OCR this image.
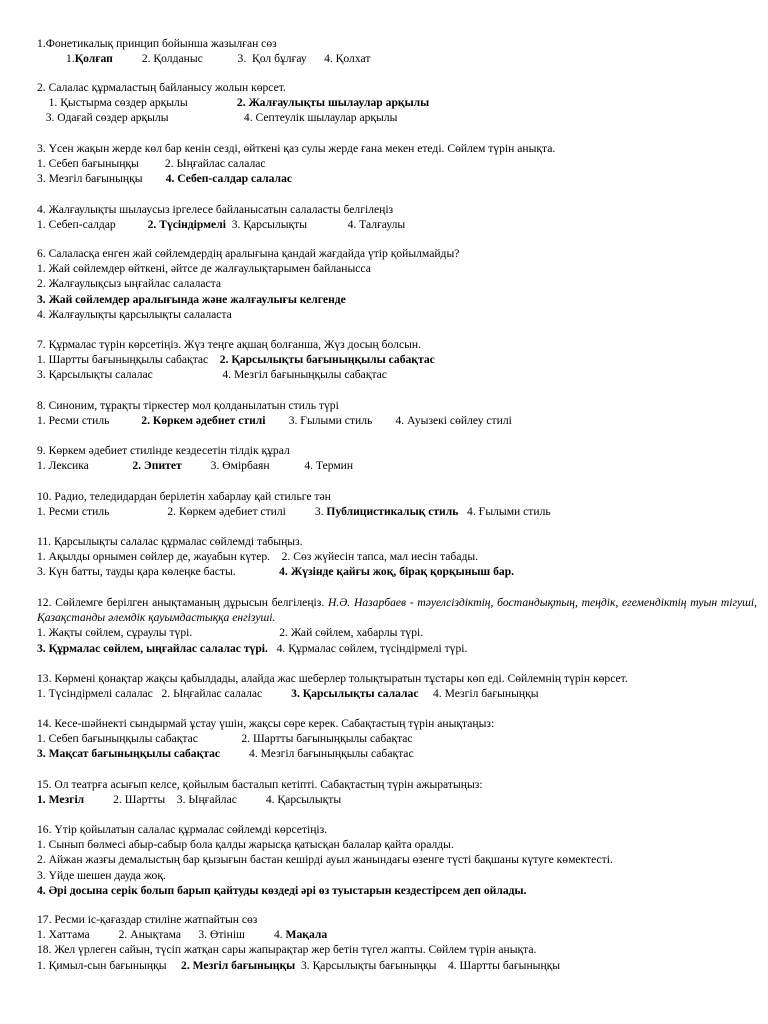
1.Фонетикалық принцип бойынша жазылған сөз

1.Қолғап          2. Қолданыс            3.  Қол бұлғау      4. Қолхат

2. Салалас құрмаластың байланысу жолын көрсет.

1. Қыстырма сөздер арқылы                 2. Жалғаулықты шылаулар арқылы

3. Одағай сөздер арқылы                          4. Септеулік шылаулар арқылы

3. Үсен жақын жерде көл бар кенін сезді, өйткені қаз сулы жерде ғана мекен етеді. Сөйлем түрін анықта.

1. Себеп бағыныңқы         2. Ыңғайлас салалас

3. Мезгіл бағыныңқы        4. Себеп-салдар салалас

4. Жалғаулықты шылаусыз іргелесе байланысатын салаласты белгілеңіз

1. Себеп-салдар           2. Түсіндірмелі  3. Қарсылықты              4. Талғаулы

6. Салаласқа енген жай сөйлемдердің аралығына қандай жағдайда үтір қойылмайды?

1. Жай сөйлемдер өйткені, әйтсе де жалғаулықтарымен байланысса

2. Жалғаулықсыз ыңғайлас салаласта

3. Жай сөйлемдер аралығында және жалғаулығы келгенде

4. Жалғаулықты қарсылықты салаласта

7. Құрмалас түрін көрсетіңіз. Жүз теңге ақшаң болғанша, Жүз досың болсын.

1. Шартты бағыныңқылы сабақтас    2. Қарсылықты бағыныңқылы сабақтас

3. Қарсылықты салалас                        4. Мезгіл бағыныңқылы сабақтас

8. Синоним, тұрақты тіркестер мол қолданылатын стиль түрі

1. Ресми стиль           2. Көркем әдебиет стилі        3. Ғылыми стиль        4. Ауызекі сөйлеу стилі

9. Көркем әдебиет стилінде кездесетін тілдік құрал

1. Лексика               2. Эпитет          3. Өмірбаян            4. Термин

10. Радио, теледидардан берілетін хабарлау қай стильге тән

1. Ресми стиль                    2. Көркем әдебиет стилі          3. Публицистикалық стиль   4. Ғылыми стиль

11. Қарсылықты салалас құрмалас сөйлемді табыңыз.

1. Ақылды орнымен сөйлер де, жауабын күтер.    2. Сөз жүйесін тапса, мал иесін табады.

3. Күн батты, тауды қара көлеңке басты.               4. Жүзінде қайғы жоқ, бірақ қорқыныш бар.

12. Сөйлемге берілген анықтаманың дұрысын белгілеңіз. Н.Ә. Назарбаев - тәуелсіздіктің, бостандықтың, теңдік, егемендіктің туын тігуші, Қазақстанды әлемдік қауымдастыққа енгізуші.

1. Жақты сөйлем, сұраулы түрі.                              2. Жай сөйлем, хабарлы түрі.

3. Құрмалас сөйлем, ыңғайлас салалас түрі.   4. Құрмалас сөйлем, түсіндірмелі түрі.

13. Көрмені қонақтар жақсы қабылдады, алайда жас шеберлер толықтыратын тұстары көп еді. Сөйлемнің түрін көрсет.

1. Түсіндірмелі салалас   2. Ыңғайлас салалас          3. Қарсылықты салалас     4. Мезгіл бағыныңқы

14. Кесе-шәйнекті сындырмай ұстау үшін, жақсы сөре керек. Сабақтастың түрін анықтаңыз:

1. Себеп бағыныңқылы сабақтас               2. Шартты бағыныңқылы сабақтас

3. Мақсат бағыныңқылы сабақтас          4. Мезгіл бағыныңқылы сабақтас

15. Ол театрға асығып келсе, қойылым басталып кетіпті. Сабақтастың түрін ажыратыңыз:

1. Мезгіл          2. Шартты    3. Ыңғайлас          4. Қарсылықты

16. Үтір қойылатын салалас құрмалас сөйлемді көрсетіңіз.

1. Сынып бөлмесі абыр-сабыр бола қалды жарысқа қатысқан балалар қайта оралды.

2. Айжан жазғы демалыстың бар қызығын бастан кешірді ауыл жанындағы өзенге түсті бақшаны күтуге көмектесті.

3. Үйде шешен дауда жоқ.

4. Әрі досына серік болып барып қайтуды көздеді әрі өз туыстарын кездестірсем деп ойлады.

17. Ресми іс-қағаздар стиліне жатпайтын сөз

1. Хаттама          2. Анықтама      3. Өтініш          4. Мақала

18. Жел үрлеген сайын, түсіп жатқан сары жапырақтар жер бетін түгел жапты. Сөйлем түрін анықта.

1. Қимыл-сын бағыныңқы     2. Мезгіл бағыныңқы  3. Қарсылықты бағыныңқы    4. Шартты бағыныңқы
